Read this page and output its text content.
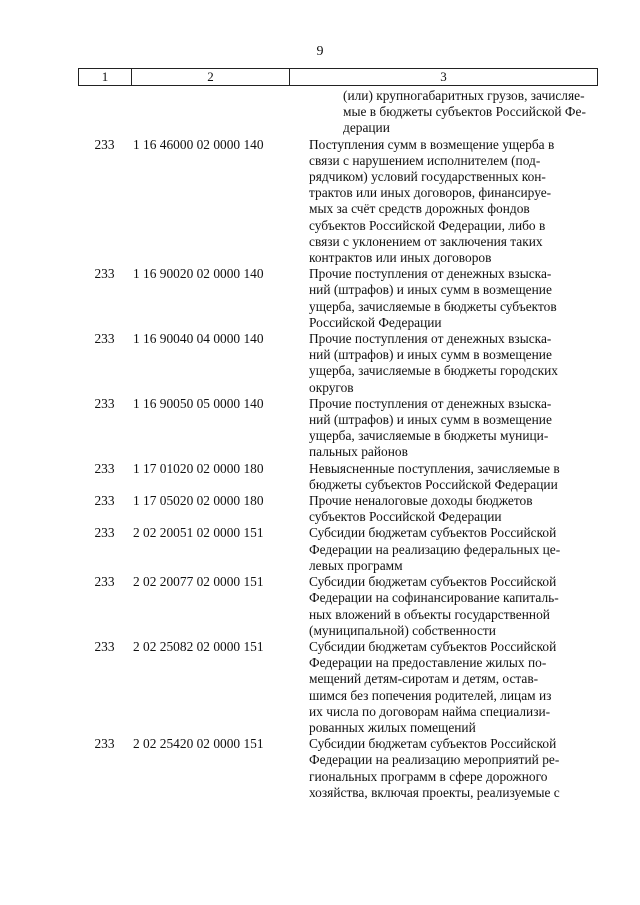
9
1	2	3
(или) крупногабаритных грузов, зачисляе-
мые в бюджеты субъектов Российской Фе-
дерации
233	1 16 46000 02 0000 140	Поступления сумм в возмещение ущерба в
связи с нарушением исполнителем (под-
рядчиком) условий государственных кон-
трактов или иных договоров, финансируе-
мых за счёт средств дорожных фондов
субъектов Российской Федерации, либо в
связи с уклонением от заключения таких
контрактов или иных договоров
233	1 16 90020 02 0000 140	Прочие поступления от денежных взыска-
ний (штрафов) и иных сумм в возмещение
ущерба, зачисляемые в бюджеты субъектов
Российской Федерации
233	1 16 90040 04 0000 140	Прочие поступления от денежных взыска-
ний (штрафов) и иных сумм в возмещение
ущерба, зачисляемые в бюджеты городских
округов
233	1 16 90050 05 0000 140	Прочие поступления от денежных взыска-
ний (штрафов) и иных сумм в возмещение
ущерба, зачисляемые в бюджеты муници-
пальных районов
233	1 17 01020 02 0000 180	Невыясненные поступления, зачисляемые в
бюджеты субъектов Российской Федерации
233	1 17 05020 02 0000 180	Прочие неналоговые доходы бюджетов
субъектов Российской Федерации
233	2 02 20051 02 0000 151	Субсидии бюджетам субъектов Российской
Федерации на реализацию федеральных це-
левых программ
233	2 02 20077 02 0000 151	Субсидии бюджетам субъектов Российской
Федерации на софинансирование капиталь-
ных вложений в объекты государственной
(муниципальной) собственности
233	2 02 25082 02 0000 151	Субсидии бюджетам субъектов Российской
Федерации на предоставление жилых по-
мещений детям-сиротам и детям, остав-
шимся без попечения родителей, лицам из
их числа по договорам найма специализи-
рованных жилых помещений
233	2 02 25420 02 0000 151	Субсидии бюджетам субъектов Российской
Федерации на реализацию мероприятий ре-
гиональных программ в сфере дорожного
хозяйства, включая проекты, реализуемые с
